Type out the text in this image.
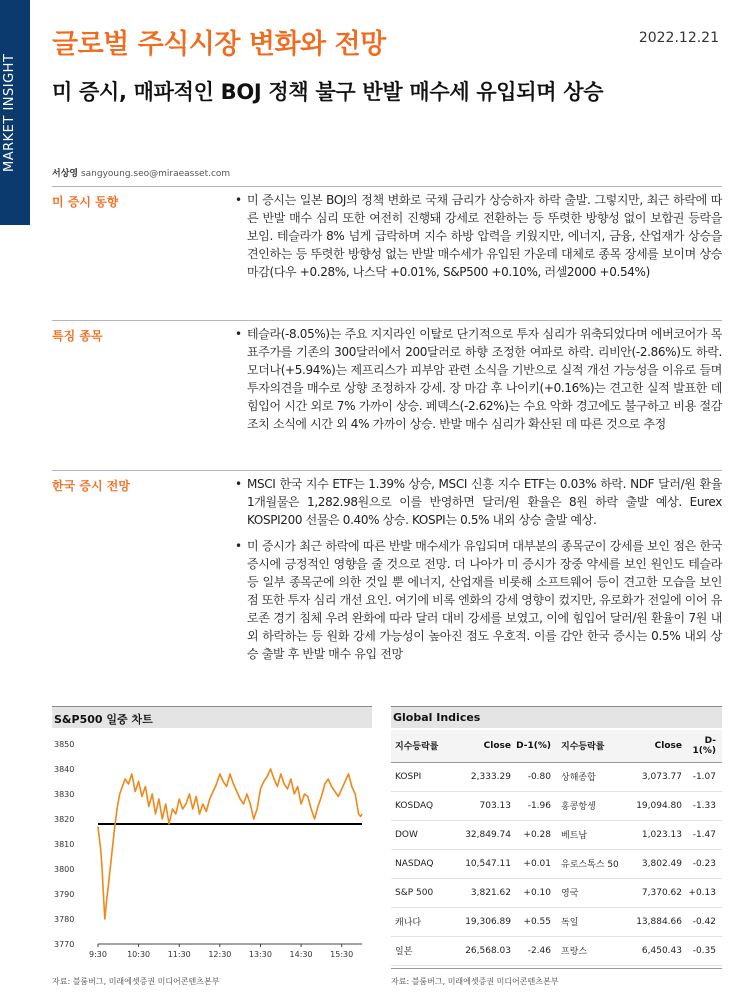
MARKET INSIGHT
글로벌 주식시장 변화와 전망	2022.12.21
미 증시, 매파적인 BOJ 정책 불구 반발 매수세 유입되며 상승
서상영 sangyoung.seo@miraeasset.com
미 증시 동향	• 미 증시는 일본 BOJ의 정책 변화로 국채 금리가 상승하자 하락 출발. 그렇지만, 최근 하락에 따른 반발 매수 심리 또한 여전히 진행돼 강세로 전환하는 등 뚜렷한 방향성 없이 보합권 등락을 보임. 테슬라가 8% 넘게 급락하며 지수 하방 압력을 키웠지만, 에너지, 금융, 산업재가 상승을 견인하는 등 뚜렷한 방향성 없는 반발 매수세가 유입된 가운데 대체로 종목 장세를 보이며 상승 마감(다우 +0.28%, 나스닥 +0.01%, S&P500 +0.10%, 러셀2000 +0.54%)
특징 종목	• 테슬라(-8.05%)는 주요 지지라인 이탈로 단기적으로 투자 심리가 위축되었다며 에버코어가 목표주가를 기존의 300달러에서 200달러로 하향 조정한 여파로 하락. 리비안(-2.86%)도 하락. 모더나(+5.94%)는 제프리스가 피부암 관련 소식을 기반으로 실적 개선 가능성을 이유로 들며 투자의견을 매수로 상향 조정하자 강세. 장 마감 후 나이키(+0.16%)는 견고한 실적 발표한 데 힘입어 시간 외로 7% 가까이 상승. 페덱스(-2.62%)는 수요 악화 경고에도 불구하고 비용 절감 조치 소식에 시간 외 4% 가까이 상승. 반발 매수 심리가 확산된 데 따른 것으로 추정
한국 증시 전망	• MSCI 한국 지수 ETF는 1.39% 상승, MSCI 신흥 지수 ETF는 0.03% 하락. NDF 달러/원 환율 1개월물은 1,282.98원으로 이를 반영하면 달러/원 환율은 8원 하락 출발 예상. Eurex KOSPI200 선물은 0.40% 상승. KOSPI는 0.5% 내외 상승 출발 예상.
• 미 증시가 최근 하락에 따른 반발 매수세가 유입되며 대부분의 종목군이 강세를 보인 점은 한국 증시에 긍정적인 영향을 줄 것으로 전망. 더 나아가 미 증시가 장중 약세를 보인 원인도 테슬라 등 일부 종목군에 의한 것일 뿐 에너지, 산업재를 비롯해 소프트웨어 등이 견고한 모습을 보인 점 또한 투자 심리 개선 요인. 여기에 비록 엔화의 강세 영향이 컸지만, 유로화가 전일에 이어 유로존 경기 침체 우려 완화에 따라 달러 대비 강세를 보였고, 이에 힘입어 달러/원 환율이 7원 내외 하락하는 등 원화 강세 가능성이 높아진 점도 우호적. 이를 감안 한국 증시는 0.5% 내외 상승 출발 후 반발 매수 유입 전망
S&P500 일중 차트
3770
3780
3790
3800
3810
3820
3830
3840
3850
9:30	10:30 11:30 12:30 13:30 14:30 15:30
자료: 블룸버그, 미래에셋증권 미디어콘텐츠본부
Global Indices
지수등락률	Close	D-1(%)	지수등락률	Close	D-1(%)
KOSPI	2,333.29	-0.80	상해종합	3,073.77	-1.07
KOSDAQ	703.13	-1.96	홍콩항셍	19,094.80	-1.33
DOW	32,849.74	+0.28	베트남	1,023.13	-1.47
NASDAQ	10,547.11	+0.01	유로스톡스 50	3,802.49	-0.23
S&P 500	3,821.62	+0.10	영국	7,370.62	+0.13
캐나다	19,306.89	+0.55	독일	13,884.66	-0.42
일본	26,568.03	-2.46	프랑스	6,450.43	-0.35
자료: 블룸버그, 미래에셋증권 미디어콘텐츠본부
